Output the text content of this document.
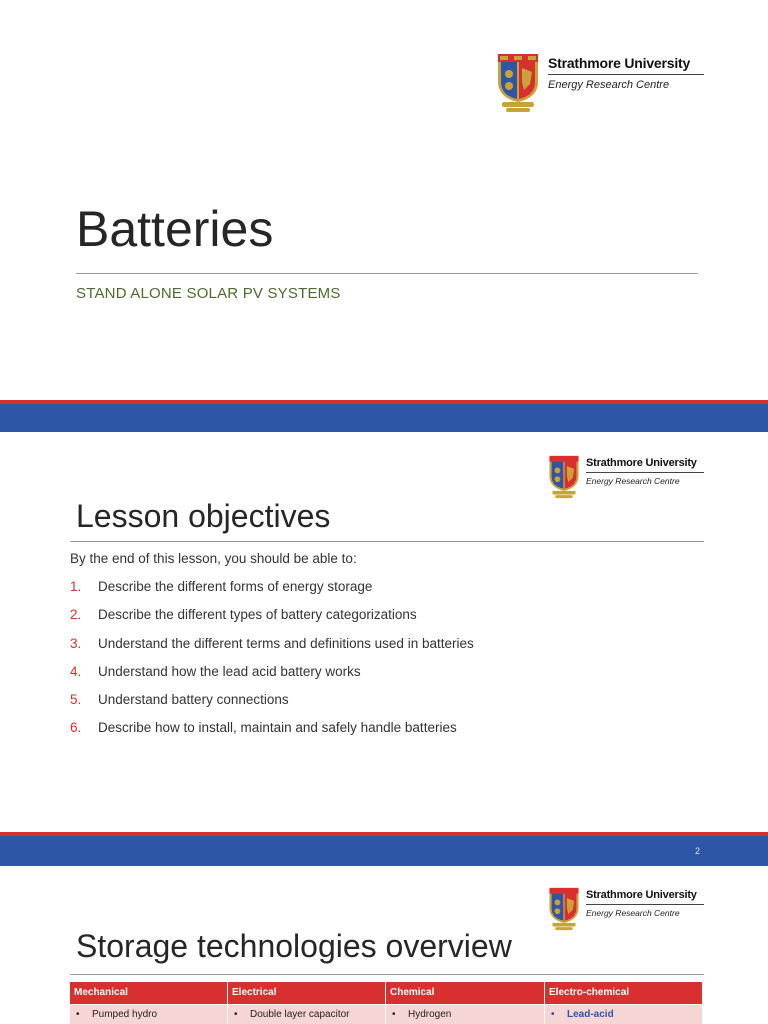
Strathmore University
Energy Research Centre
Batteries
STAND ALONE SOLAR PV SYSTEMS
Strathmore University
Energy Research Centre
Lesson objectives

By the end of this lesson, you should be able to:

1.	Describe the different forms of energy storage
2.	Describe the different types of battery categorizations
3.	Understand the different terms and definitions used in batteries
4.	Understand how the lead acid battery works
5.	Understand battery connections
6.	Describe how to install, maintain and safely handle batteries
2
Strathmore University
Energy Research Centre
Storage technologies overview
Mechanical	Electrical	Chemical	Electro-chemical
• Pumped hydro	• Double layer capacitor	• Hydrogen	• Lead-acid
